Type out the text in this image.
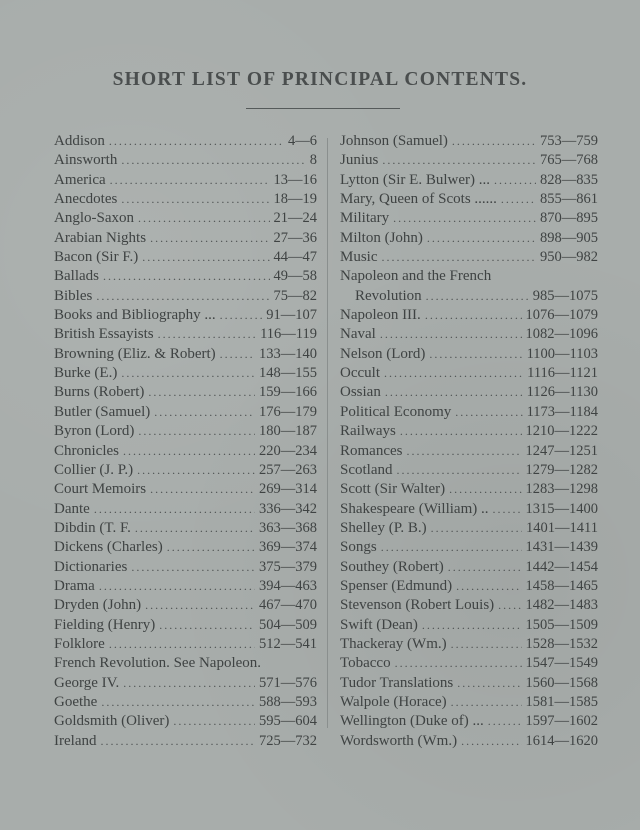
SHORT LIST OF PRINCIPAL CONTENTS.
Addison .....	4—6
Ainsworth .....	8
America .....	13—16
Anecdotes .....	18—19
Anglo-Saxon .....	21—24
Arabian Nights .....	27—36
Bacon (Sir F.) .....	44—47
Ballads .....	49—58
Bibles .....	75—82
Books and Bibliography ... .....	91—107
British Essayists .....	116—119
Browning (Eliz. & Robert) .....	133—140
Burke (E.) .....	148—155
Burns (Robert) .....	159—166
Butler (Samuel) .....	176—179
Byron (Lord) .....	180—187
Chronicles .....	220—234
Collier (J. P.) .....	257—263
Court Memoirs .....	269—314
Dante .....	336—342
Dibdin (T. F. .....	363—368
Dickens (Charles) .....	369—374
Dictionaries .....	375—379
Drama .....	394—463
Dryden (John) .....	467—470
Fielding (Henry) .....	504—509
Folklore .....	512—541
French Revolution. See Napoleon.
George IV. .....	571—576
Goethe .....	588—593
Goldsmith (Oliver) .....	595—604
Ireland .....	725—732
Johnson (Samuel) .....	753—759
Junius .....	765—768
Lytton (Sir E. Bulwer) ... .....	828—835
Mary, Queen of Scots ...... .....	855—861
Military .....	870—895
Milton (John) .....	898—905
Music .....	950—982
Napoleon and the French
Revolution .....	985—1075
Napoleon III. .....	1076—1079
Naval .....	1082—1096
Nelson (Lord) .....	1100—1103
Occult .....	1116—1121
Ossian .....	1126—1130
Political Economy .....	1173—1184
Railways .....	1210—1222
Romances .....	1247—1251
Scotland .....	1279—1282
Scott (Sir Walter) .....	1283—1298
Shakespeare (William) .. .....	1315—1400
Shelley (P. B.) .....	1401—1411
Songs .....	1431—1439
Southey (Robert) .....	1442—1454
Spenser (Edmund) .....	1458—1465
Stevenson (Robert Louis) ..... 1482—1483
Swift (Dean) .....	1505—1509
Thackeray (Wm.) .....	1528—1532
Tobacco .....	1547—1549
Tudor Translations .....	1560—1568
Walpole (Horace) .....	1581—1585
Wellington (Duke of) ... .....	1597—1602
Wordsworth (Wm.) .....	1614—1620
